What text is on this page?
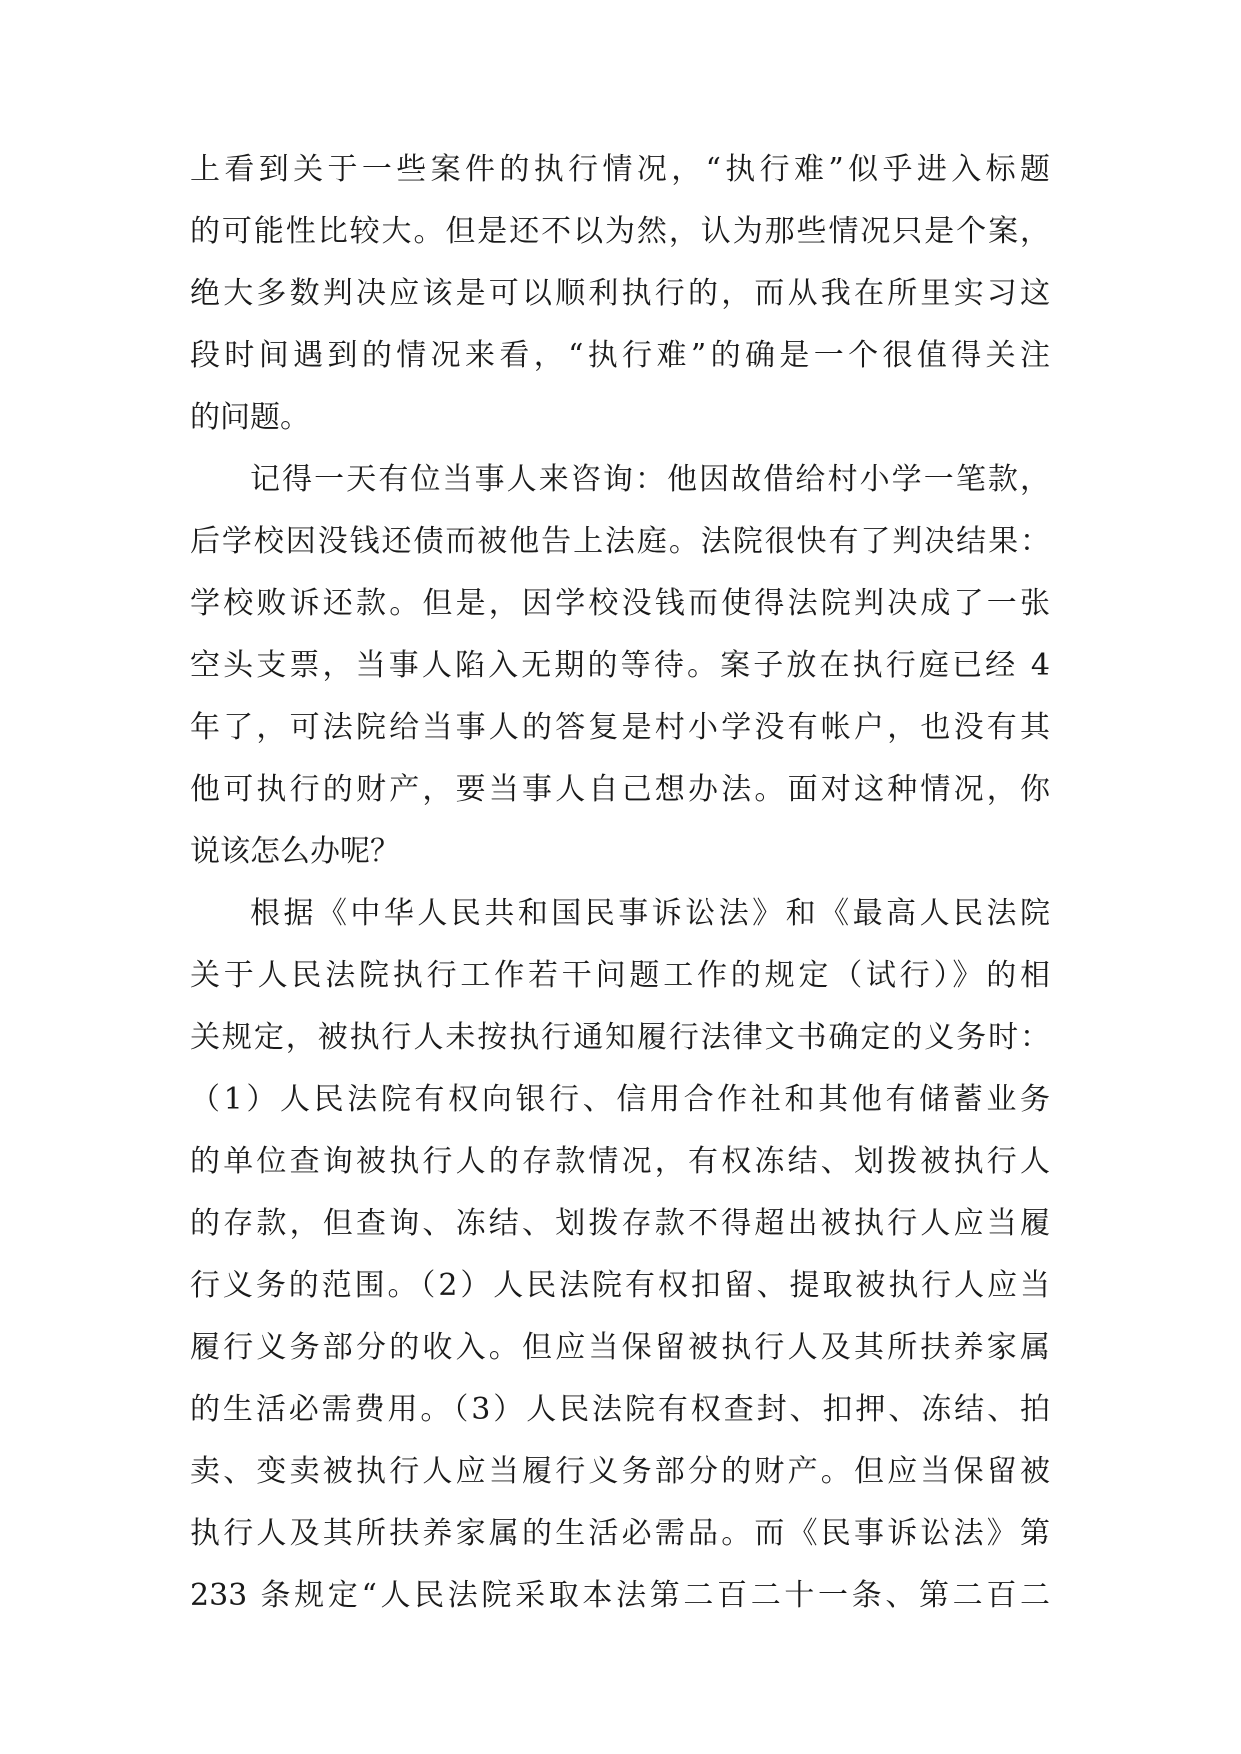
上看到关于一些案件的执行情况，“执行难”似乎进入标题
的可能性比较大。但是还不以为然，认为那些情况只是个案，
绝大多数判决应该是可以顺利执行的，而从我在所里实习这
段时间遇到的情况来看，“执行难”的确是一个很值得关注
的问题。
记得一天有位当事人来咨询：他因故借给村小学一笔款，
后学校因没钱还债而被他告上法庭。法院很快有了判决结果：
学校败诉还款。但是，因学校没钱而使得法院判决成了一张
空头支票，当事人陷入无期的等待。案子放在执行庭已经 4
年了，可法院给当事人的答复是村小学没有帐户，也没有其
他可执行的财产，要当事人自己想办法。面对这种情况，你
说该怎么办呢？
根据《中华人民共和国民事诉讼法》和《最高人民法院
关于人民法院执行工作若干问题工作的规定（试行）》的相
关规定，被执行人未按执行通知履行法律文书确定的义务时：
（1）人民法院有权向银行、信用合作社和其他有储蓄业务
的单位查询被执行人的存款情况，有权冻结、划拨被执行人
的存款，但查询、冻结、划拨存款不得超出被执行人应当履
行义务的范围。（2）人民法院有权扣留、提取被执行人应当
履行义务部分的收入。但应当保留被执行人及其所扶养家属
的生活必需费用。（3）人民法院有权查封、扣押、冻结、拍
卖、变卖被执行人应当履行义务部分的财产。但应当保留被
执行人及其所扶养家属的生活必需品。而《民事诉讼法》第
233 条规定“人民法院采取本法第二百二十一条、第二百二
